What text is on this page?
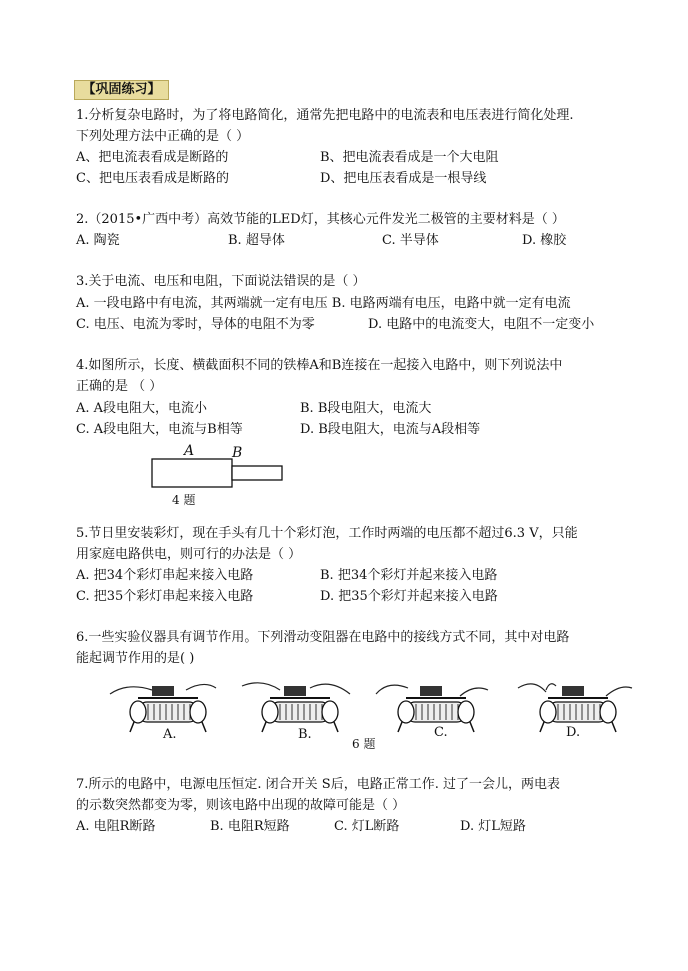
【巩固练习】
1.分析复杂电路时，为了将电路简化，通常先把电路中的电流表和电压表进行简化处理.
下列处理方法中正确的是（ ）
A、把电流表看成是断路的	B、把电流表看成是一个大电阻
C、把电压表看成是断路的	D、把电压表看成是一根导线
2.（2015•广西中考）高效节能的LED灯，其核心元件发光二极管的主要材料是（ ）
A. 陶瓷	B. 超导体	C. 半导体	D. 橡胶
3.关于电流、电压和电阻，下面说法错误的是（ ）
A. 一段电路中有电流，其两端就一定有电压 B. 电路两端有电压，电路中就一定有电流
C. 电压、电流为零时，导体的电阻不为零	D. 电路中的电流变大，电阻不一定变小
4.如图所示，长度、横截面积不同的铁棒A和B连接在一起接入电路中，则下列说法中
正确的是 （ ）
A. A段电阻大，电流小	B. B段电阻大，电流大
C. A段电阻大，电流与B相等	D. B段电阻大，电流与A段相等
A	B
4 题
5.节日里安装彩灯，现在手头有几十个彩灯泡，工作时两端的电压都不超过6.3 V，只能
用家庭电路供电，则可行的办法是（ ）
A. 把34个彩灯串起来接入电路	B. 把34个彩灯并起来接入电路
C. 把35个彩灯串起来接入电路	D. 把35个彩灯并起来接入电路
6.一些实验仪器具有调节作用。下列滑动变阻器在电路中的接线方式不同，其中对电路
能起调节作用的是( )
A.	B.	C.	D.
6 题
7.所示的电路中，电源电压恒定. 闭合开关 S后，电路正常工作. 过了一会儿，两电表
的示数突然都变为零，则该电路中出现的故障可能是（ ）
A. 电阻R断路	B. 电阻R短路	C. 灯L断路	D. 灯L短路
